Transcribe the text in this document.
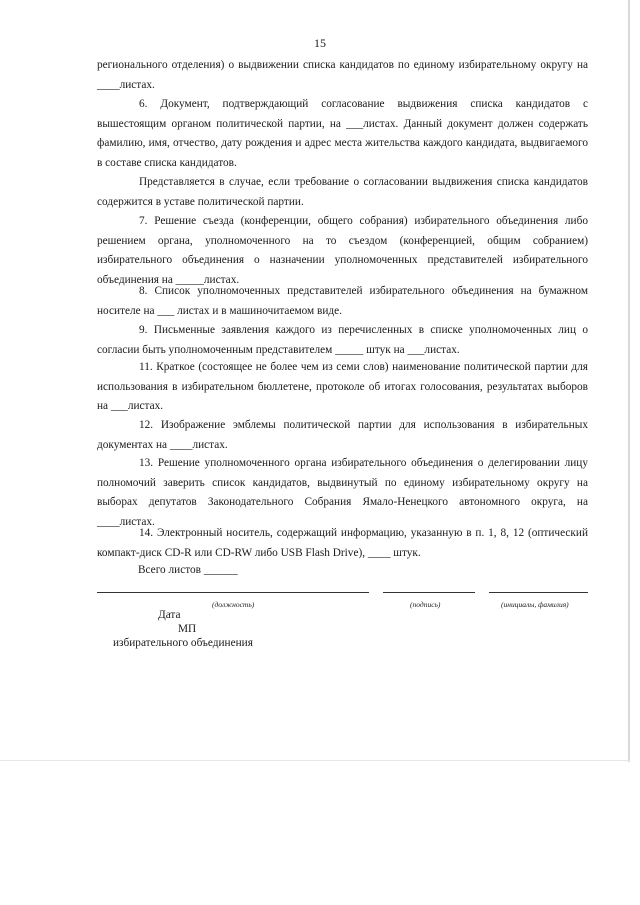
15

регионального отделения) о выдвижении списка кандидатов по единому избирательному округу на ____листах.

6. Документ, подтверждающий согласование выдвижения списка кандидатов с вышестоящим органом политической партии, на ___листах. Данный документ должен содержать фамилию, имя, отчество, дату рождения и адрес места жительства каждого кандидата, выдвигаемого в составе списка кандидатов.

Представляется в случае, если требование о согласовании выдвижения списка кандидатов содержится в уставе политической партии.

7. Решение съезда (конференции, общего собрания) избирательного объединения либо решением органа, уполномоченного на то съездом (конференцией, общим собранием) избирательного объединения о назначении уполномоченных представителей избирательного объединения на _____листах.

8. Список уполномоченных представителей избирательного объединения на бумажном носителе на ___ листах и в машиночитаемом виде.

9. Письменные заявления каждого из перечисленных в списке уполномоченных лиц о согласии быть уполномоченным представителем _____ штук на ___листах.

11. Краткое (состоящее не более чем из семи слов) наименование политической партии для использования в избирательном бюллетене, протоколе об итогах голосования, результатах выборов на ___листах.

12. Изображение эмблемы политической партии для использования в избирательных документах на ____листах.

13. Решение уполномоченного органа избирательного объединения о делегировании лицу полномочий заверить список кандидатов, выдвинутый по единому избирательному округу на выборах депутатов Законодательного Собрания Ямало-Ненецкого автономного округа, на ____листах.

14. Электронный носитель, содержащий информацию, указанную в п. 1, 8, 12 (оптический компакт-диск CD-R или CD-RW либо USB Flash Drive), ____ штук.

Всего листов ______
(должность)	(подпись)	(инициалы, фамилия)
Дата
МП
избирательного объединения
